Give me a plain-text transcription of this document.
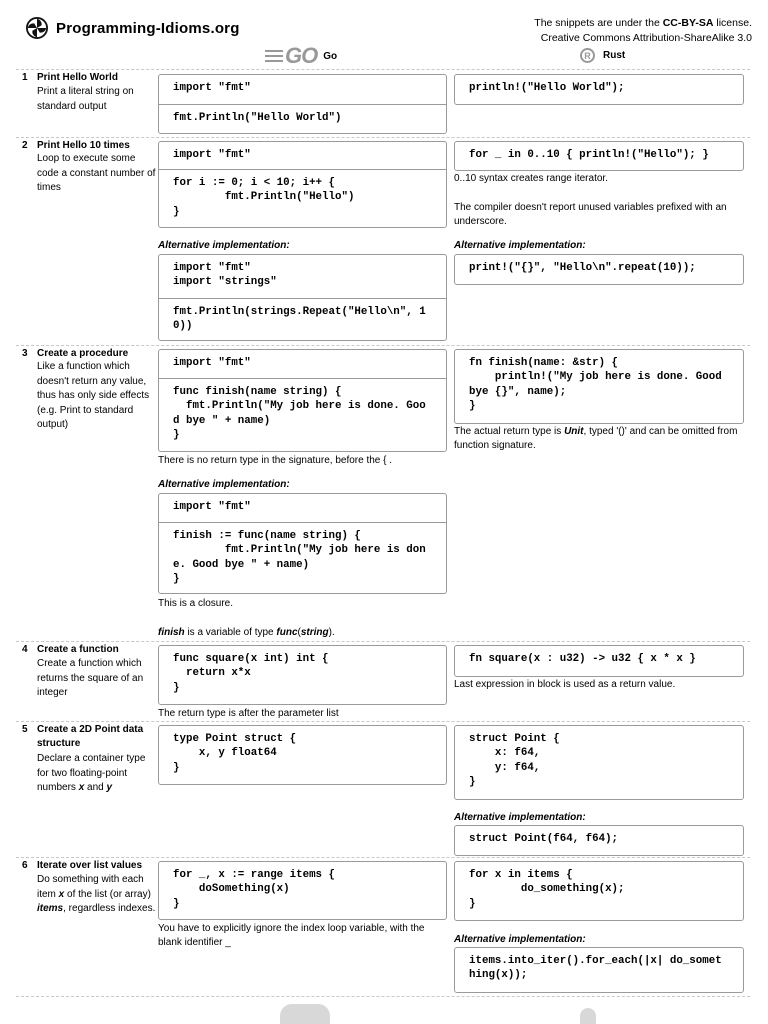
Programming-Idioms.org	The snippets are under the CC-BY-SA license.
Creative Commons Attribution-ShareAlike 3.0
GO Go	R	Rust
1 Print Hello World
Print a literal string on standard output
import "fmt"
fmt.Println("Hello World")
println!("Hello World");
2 Print Hello 10 times
Loop to execute some code a constant number of times
import "fmt"
for i := 0; i < 10; i++ {
fmt.Println("Hello")
}
for _ in 0..10 { println!("Hello"); }
0..10 syntax creates range iterator.
The compiler doesn't report unused variables prefixed with an underscore.
Alternative implementation:	Alternative implementation:
import "fmt"
import "strings"
fmt.Println(strings.Repeat("Hello\n", 1
0))
print!("{}", "Hello\n".repeat(10));
3 Create a procedure
Like a function which doesn't return any value, thus has only side effects (e.g. Print to standard output)
import "fmt"
func finish(name string) {
fmt.Println("My job here is done. Goo
d bye " + name)
}
There is no return type in the signature, before the { .
fn finish(name: &str) {
println!("My job here is done. Good
bye {}", name);
}
The actual return type is Unit, typed '()' and can be omitted from function signature.
Alternative implementation:
import "fmt"
finish := func(name string) {
fmt.Println("My job here is don
e. Good bye " + name)
}
This is a closure.
finish is a variable of type func(string).
4 Create a function
Create a function which returns the square of an integer
func square(x int) int {
return x*x
}
The return type is after the parameter list
fn square(x : u32) -> u32 { x * x }
Last expression in block is used as a return value.
5 Create a 2D Point data structure
Declare a container type for two floating-point numbers x and y
type Point struct {
x, y float64
}
struct Point {
x: f64,
y: f64,
}
Alternative implementation:
struct Point(f64, f64);
6 Iterate over list values
Do something with each item x of the list (or array) items, regardless indexes.
for _, x := range items {
doSomething(x)
}
You have to explicitly ignore the index loop variable, with the blank identifier _
for x in items {
do_something(x);
}
Alternative implementation:
items.into_iter().for_each(|x| do_somet
hing(x));
